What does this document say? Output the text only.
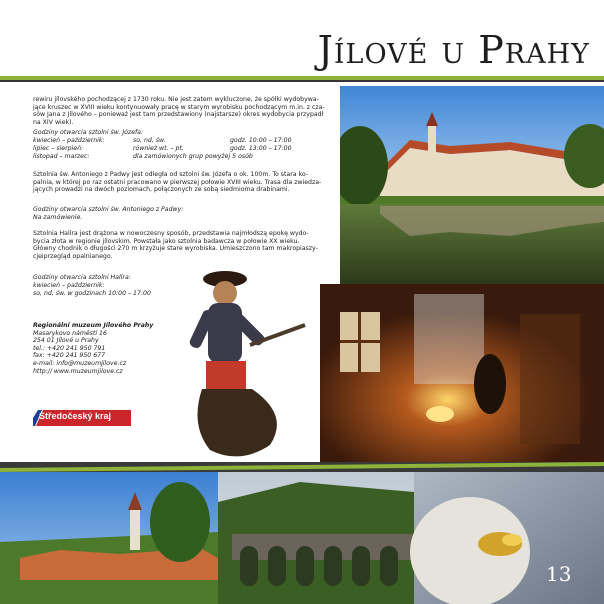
Jílové u Prahy
rewiru jílovského pochodzącej z 1730 roku. Nie jest zatem wykluczone, że spółki wydobywa-
jące kruszec w XVIII wieku kontynuowały pracę w starym wyrobisku pochodzącym m.in. z cza-
sów Jana z Jílového – ponieważ jest tam przedstawiony (najstarsze) okres wydobycia przypadł na XIV wiek).
Godziny otwarcia sztolni św. Józefa:
kwiecień – październik:	so, nd, św.	godz. 10:00 – 17:00
lipiec – sierpień:	również wt. – pt.	godz. 13:00 – 17:00
listopad – marzec:	dla zamówionych grup powyżej 5 osób
Sztolnia św. Antoniego z Padwy jest odległa od sztolni św. Józefa o ok. 100m. To stara ko-
palnia, w której po raz ostatni pracowano w pierwszej połowie XVIII wieku. Trasa dla zwiedza-
jących prowadzi na dwóch poziomach, połączonych ze sobą siedmioma drabinami.
Godziny otwarcia sztolni św. Antoniego z Padwy:
Na zamówienie.
Sztolnia Halíra jest drążona w nowoczesny sposób, przedstawia najmłodszą epokę wydo-
bycia złota w regionie jílovskim. Powstała jako sztolnia badawcza w połowie XX wieku.
Główny chodnik o długości 270 m krzyżuje stare wyrobiska. Umieszczono tam makropiaszy-
cjeiprzegląd opalnianego.
Godziny otwarcia sztolni Halíra:
kwiecień – październik:
so, nd, św. w godzinach 10:00 – 17:00
Regionální muzeum Jílového Prahy
Masarykovo náměstí 16
254 01 Jílové u Prahy
tel.: +420 241 950 791
fax: +420 241 950 677
e-mail: info@muzeumjilove.cz
http:// www.muzeumjilove.cz
Středočeský kraj
13
